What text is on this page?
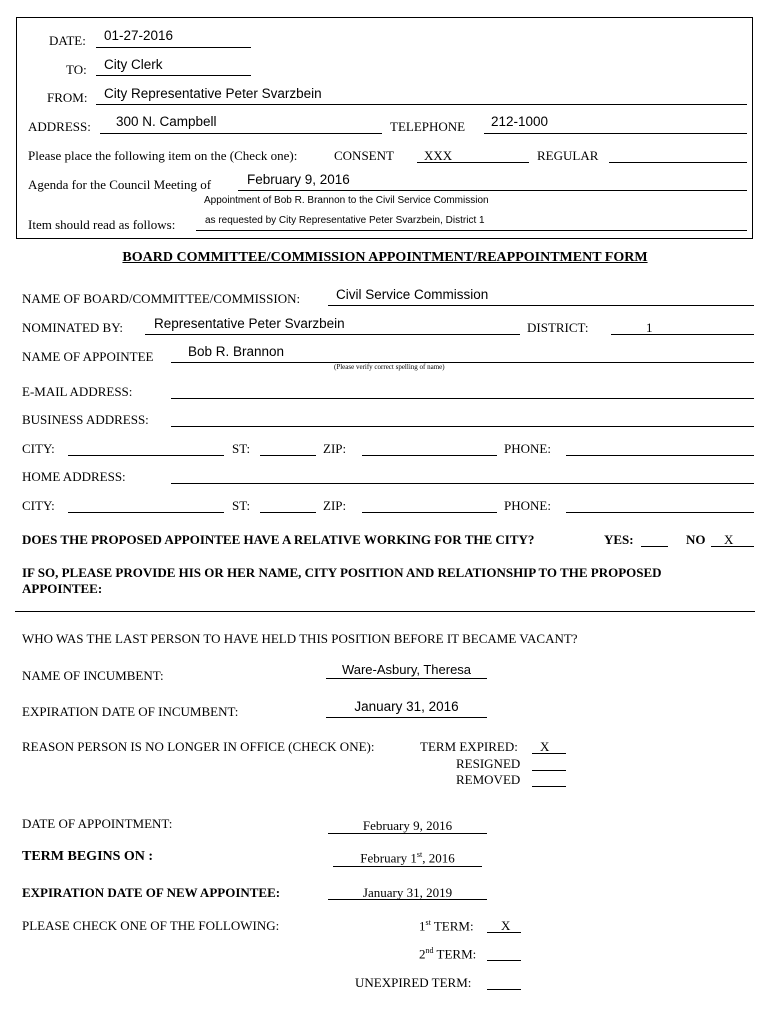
DATE: 01-27-2016
TO: City Clerk
FROM: City Representative Peter Svarzbein
ADDRESS: 300 N. Campbell	TELEPHONE 212-1000
Please place the following item on the (Check one):	CONSENT XXX	REGULAR
Agenda for the Council Meeting of	February 9, 2016
Appointment of Bob R. Brannon to the Civil Service Commission
Item should read as follows:	as requested by City Representative Peter Svarzbein, District 1
BOARD COMMITTEE/COMMISSION APPOINTMENT/REAPPOINTMENT FORM
NAME OF BOARD/COMMITTEE/COMMISSION:	Civil Service Commission
NOMINATED BY: Representative Peter Svarzbein	DISTRICT:	1
NAME OF APPOINTEE	Bob R. Brannon
(Please verify correct spelling of name)
E-MAIL ADDRESS:
BUSINESS ADDRESS:
CITY:	ST:	ZIP:	PHONE:
HOME ADDRESS:
CITY:	ST:	ZIP:	PHONE:
DOES THE PROPOSED APPOINTEE HAVE A RELATIVE WORKING FOR THE CITY?	YES:	NO X
IF SO, PLEASE PROVIDE HIS OR HER NAME, CITY POSITION AND RELATIONSHIP TO THE PROPOSED
APPOINTEE:
WHO WAS THE LAST PERSON TO HAVE HELD THIS POSITION BEFORE IT BECAME VACANT?
NAME OF INCUMBENT:	Ware-Asbury, Theresa
EXPIRATION DATE OF INCUMBENT:	January 31, 2016
REASON PERSON IS NO LONGER IN OFFICE (CHECK ONE):	TERM EXPIRED: X
RESIGNED
REMOVED
DATE OF APPOINTMENT:	February 9, 2016
TERM BEGINS ON :	February 1st, 2016
EXPIRATION DATE OF NEW APPOINTEE:	January 31, 2019
PLEASE CHECK ONE OF THE FOLLOWING:	1st TERM: X
2nd TERM:
UNEXPIRED TERM:
